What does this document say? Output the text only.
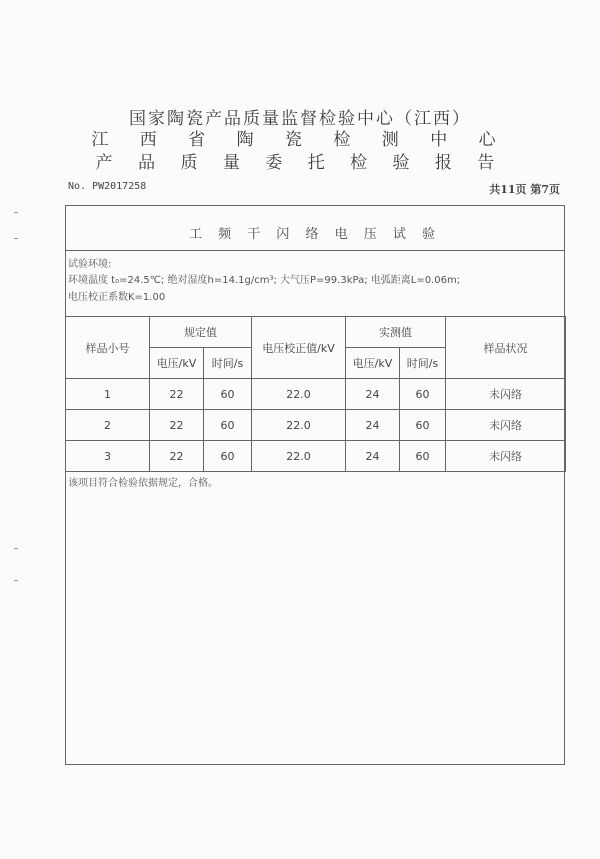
国家陶瓷产品质量监督检验中心（江西）
江 西 省 陶 瓷 检 测 中 心
产 品 质 量 委 托 检 验 报 告
No. PW2017258	共11页 第7页
工 频 干 闪 络 电 压 试 验
试验环境:
环境温度 t₀=24.5℃; 绝对湿度h=14.1g/cm³; 大气压P=99.3kPa; 电弧距离L=0.06m;
电压校正系数K=1.00
样品小号	规定值		电压校正值/kV	实测值		样品状况
	电压/kV	时间/s		电压/kV	时间/s	
1	22	60	22.0	24	60	未闪络
2	22	60	22.0	24	60	未闪络
3	22	60	22.0	24	60	未闪络
该项目符合检验依据规定，合格。
